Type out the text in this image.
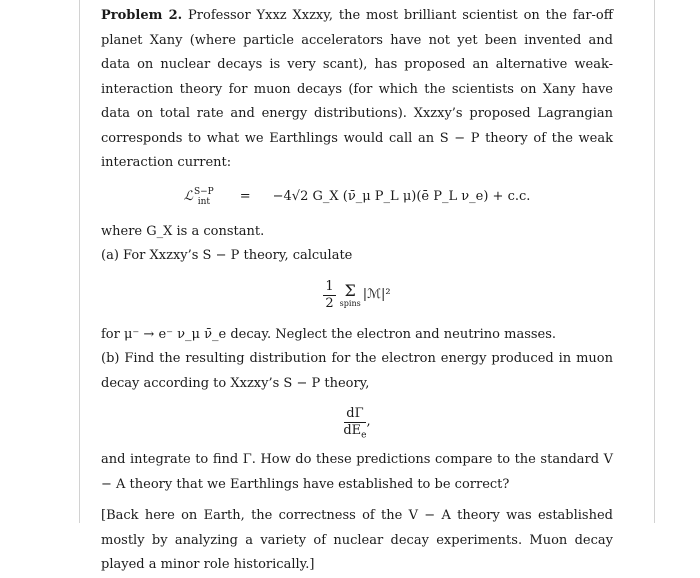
Problem 2. Professor Yxxz Xxzxy, the most brilliant scientist on the far-off planet Xany (where particle accelerators have not yet been invented and data on nuclear decays is very scant), has proposed an alternative weak-interaction theory for muon decays (for which the scientists on Xany have data on total rate and energy distributions). Xxzxy’s proposed Lagrangian corresponds to what we Earthlings would call an S − P theory of the weak interaction current:

ℒ S−P
int = −4√2 G_X (ν̄_μ P_L μ)(ē P_L ν_e) + c.c.

where G_X is a constant.

(a) For Xxzxy’s S − P theory, calculate

$\frac{1}{2}$ Σ
spins
|ℳ|²

for μ⁻ → e⁻ ν_μ ν̄_e decay. Neglect the electron and neutrino masses.

(b) Find the resulting distribution for the electron energy produced in muon decay according to Xxzxy’s S − P theory,

$\frac{d\Gamma}{dE_e}$ ,

and integrate to find Γ. How do these predictions compare to the standard V − A theory that we Earthlings have established to be correct?

[Back here on Earth, the correctness of the V − A theory was established mostly by analyzing a variety of nuclear decay experiments. Muon decay played a minor role historically.]
